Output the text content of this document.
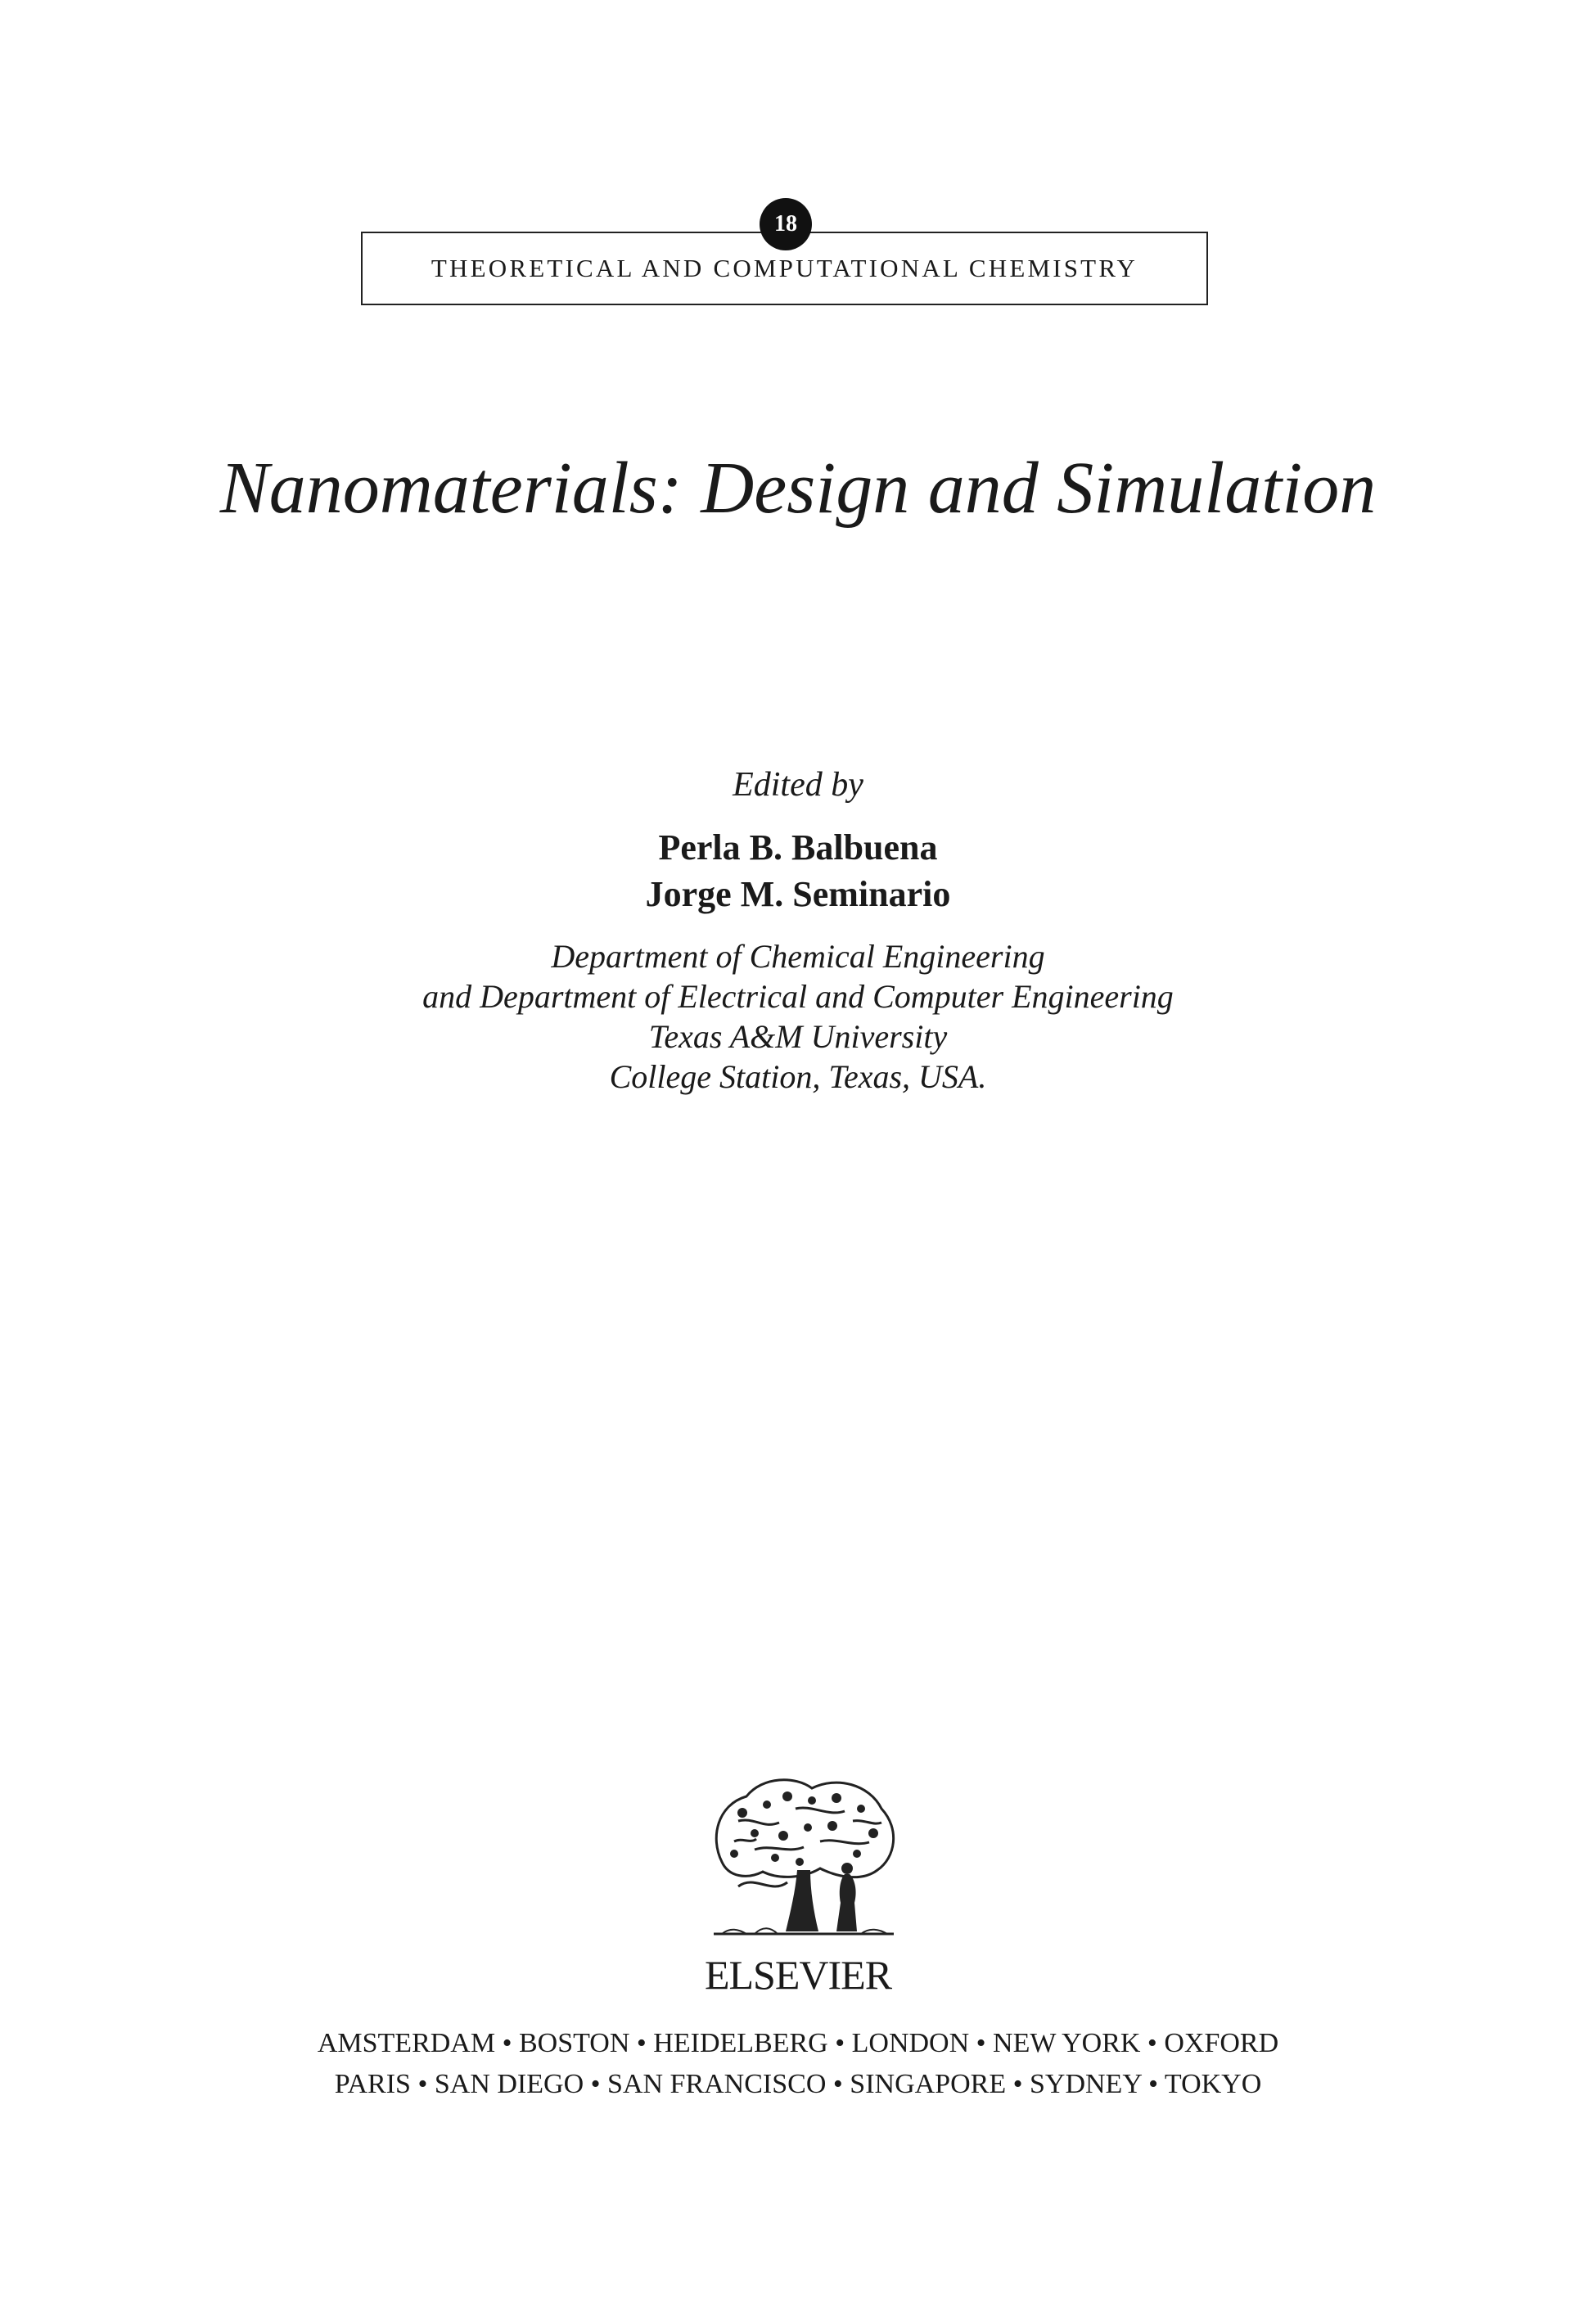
THEORETICAL AND COMPUTATIONAL CHEMISTRY
18
Nanomaterials: Design and Simulation
Edited by
Perla B. Balbuena
Jorge M. Seminario
Department of Chemical Engineering
and Department of Electrical and Computer Engineering
Texas A&M University
College Station, Texas, USA.
ELSEVIER
AMSTERDAM • BOSTON • HEIDELBERG • LONDON • NEW YORK • OXFORD
PARIS • SAN DIEGO • SAN FRANCISCO • SINGAPORE • SYDNEY • TOKYO
